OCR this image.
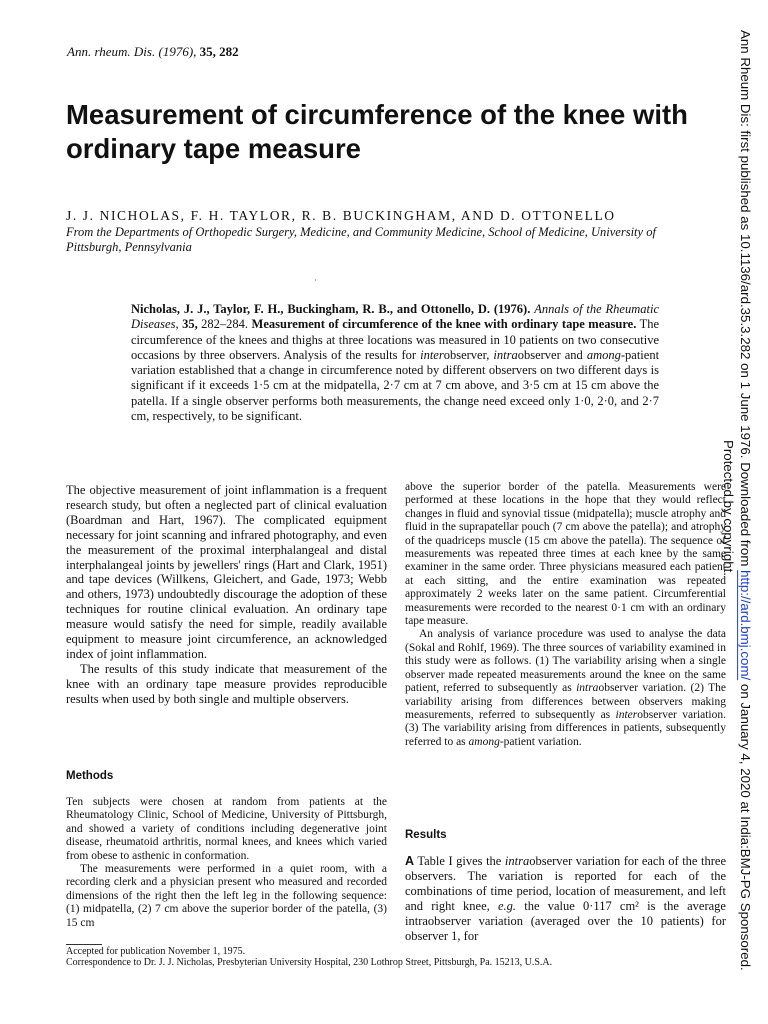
Ann. rheum. Dis. (1976), 35, 282
Measurement of circumference of the knee with ordinary tape measure
J. J. NICHOLAS, F. H. TAYLOR, R. B. BUCKINGHAM, AND D. OTTONELLO
From the Departments of Orthopedic Surgery, Medicine, and Community Medicine, School of Medicine, University of Pittsburgh, Pennsylvania
·

Nicholas, J. J., Taylor, F. H., Buckingham, R. B., and Ottonello, D. (1976). Annals of the Rheumatic Diseases, 35, 282–284. Measurement of circumference of the knee with ordinary tape measure. The circumference of the knees and thighs at three locations was measured in 10 patients on two consecutive occasions by three observers. Analysis of the results for interobserver, intraobserver and among-patient variation established that a change in circumference noted by different observers on two different days is significant if it exceeds 1·5 cm at the midpatella, 2·7 cm at 7 cm above, and 3·5 cm at 15 cm above the patella. If a single observer performs both measurements, the change need exceed only 1·0, 2·0, and 2·7 cm, respectively, to be significant.

The objective measurement of joint inflammation is a frequent research study, but often a neglected part of clinical evaluation (Boardman and Hart, 1967). The complicated equipment necessary for joint scanning and infrared photography, and even the measurement of the proximal interphalangeal and distal interphalangeal joints by jewellers' rings (Hart and Clark, 1951) and tape devices (Willkens, Gleichert, and Gade, 1973; Webb and others, 1973) undoubtedly discourage the adoption of these techniques for routine clinical evaluation. An ordinary tape measure would satisfy the need for simple, readily available equipment to measure joint circumference, an acknowledged index of joint inflammation.

The results of this study indicate that measurement of the knee with an ordinary tape measure provides reproducible results when used by both single and multiple observers.

Methods

Ten subjects were chosen at random from patients at the Rheumatology Clinic, School of Medicine, University of Pittsburgh, and showed a variety of conditions including degenerative joint disease, rheumatoid arthritis, normal knees, and knees which varied from obese to asthenic in conformation.

The measurements were performed in a quiet room, with a recording clerk and a physician present who measured and recorded dimensions of the right then the left leg in the following sequence: (1) midpatella, (2) 7 cm above the superior border of the patella, (3) 15 cm

above the superior border of the patella. Measurements were performed at these locations in the hope that they would reflect changes in fluid and synovial tissue (midpatella); muscle atrophy and fluid in the suprapatellar pouch (7 cm above the patella); and atrophy of the quadriceps muscle (15 cm above the patella). The sequence of measurements was repeated three times at each knee by the same examiner in the same order. Three physicians measured each patient at each sitting, and the entire examination was repeated approximately 2 weeks later on the same patient. Circumferential measurements were recorded to the nearest 0·1 cm with an ordinary tape measure.

An analysis of variance procedure was used to analyse the data (Sokal and Rohlf, 1969). The three sources of variability examined in this study were as follows. (1) The variability arising when a single observer made repeated measurements around the knee on the same patient, referred to subsequently as intraobserver variation. (2) The variability arising from differences between observers making measurements, referred to subsequently as interobserver variation. (3) The variability arising from differences in patients, subsequently referred to as among-patient variation.

Results

A Table I gives the intraobserver variation for each of the three observers. The variation is reported for each of the combinations of time period, location of measurement, and left and right knee, e.g. the value 0·117 cm² is the average intraobserver variation (averaged over the 10 patients) for observer 1, for

Accepted for publication November 1, 1975.
Correspondence to Dr. J. J. Nicholas, Presbyterian University Hospital, 230 Lothrop Street, Pittsburgh, Pa. 15213, U.S.A.
Ann Rheum Dis: first published as 10.1136/ard.35.3.282 on 1 June 1976. Downloaded from http://ard.bmj.com/ on January 4, 2020 at India:BMJ-PG Sponsored.
Protected by copyright.
